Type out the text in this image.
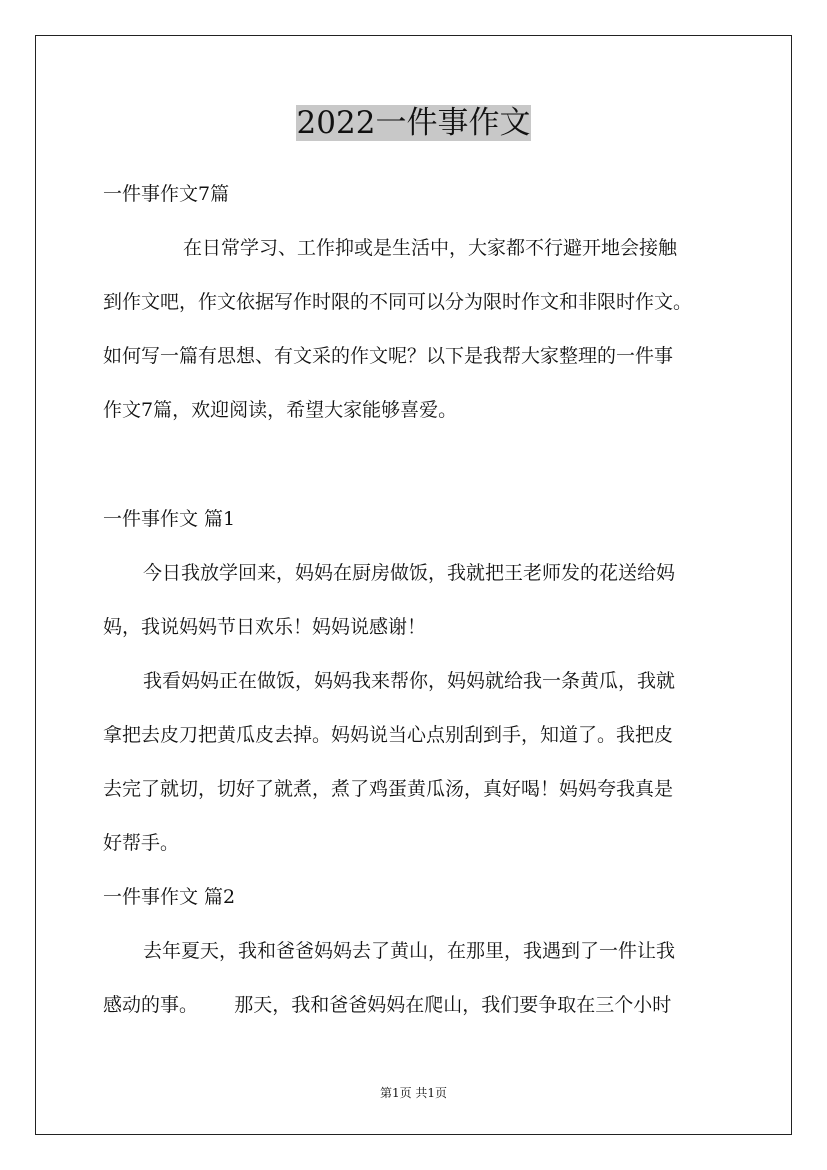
2022一件事作文
一件事作文7篇
在日常学习、工作抑或是生活中，大家都不行避开地会接触
到作文吧，作文依据写作时限的不同可以分为限时作文和非限时作文。
如何写一篇有思想、有文采的作文呢？以下是我帮大家整理的一件事
作文7篇，欢迎阅读，希望大家能够喜爱。
一件事作文 篇1
今日我放学回来，妈妈在厨房做饭，我就把王老师发的花送给妈
妈，我说妈妈节日欢乐！妈妈说感谢！
我看妈妈正在做饭，妈妈我来帮你，妈妈就给我一条黄瓜，我就
拿把去皮刀把黄瓜皮去掉。妈妈说当心点别刮到手，知道了。我把皮
去完了就切，切好了就煮，煮了鸡蛋黄瓜汤，真好喝！妈妈夸我真是
好帮手。
一件事作文 篇2
去年夏天，我和爸爸妈妈去了黄山，在那里，我遇到了一件让我
感动的事。      那天，我和爸爸妈妈在爬山，我们要争取在三个小时
第1页 共1页
